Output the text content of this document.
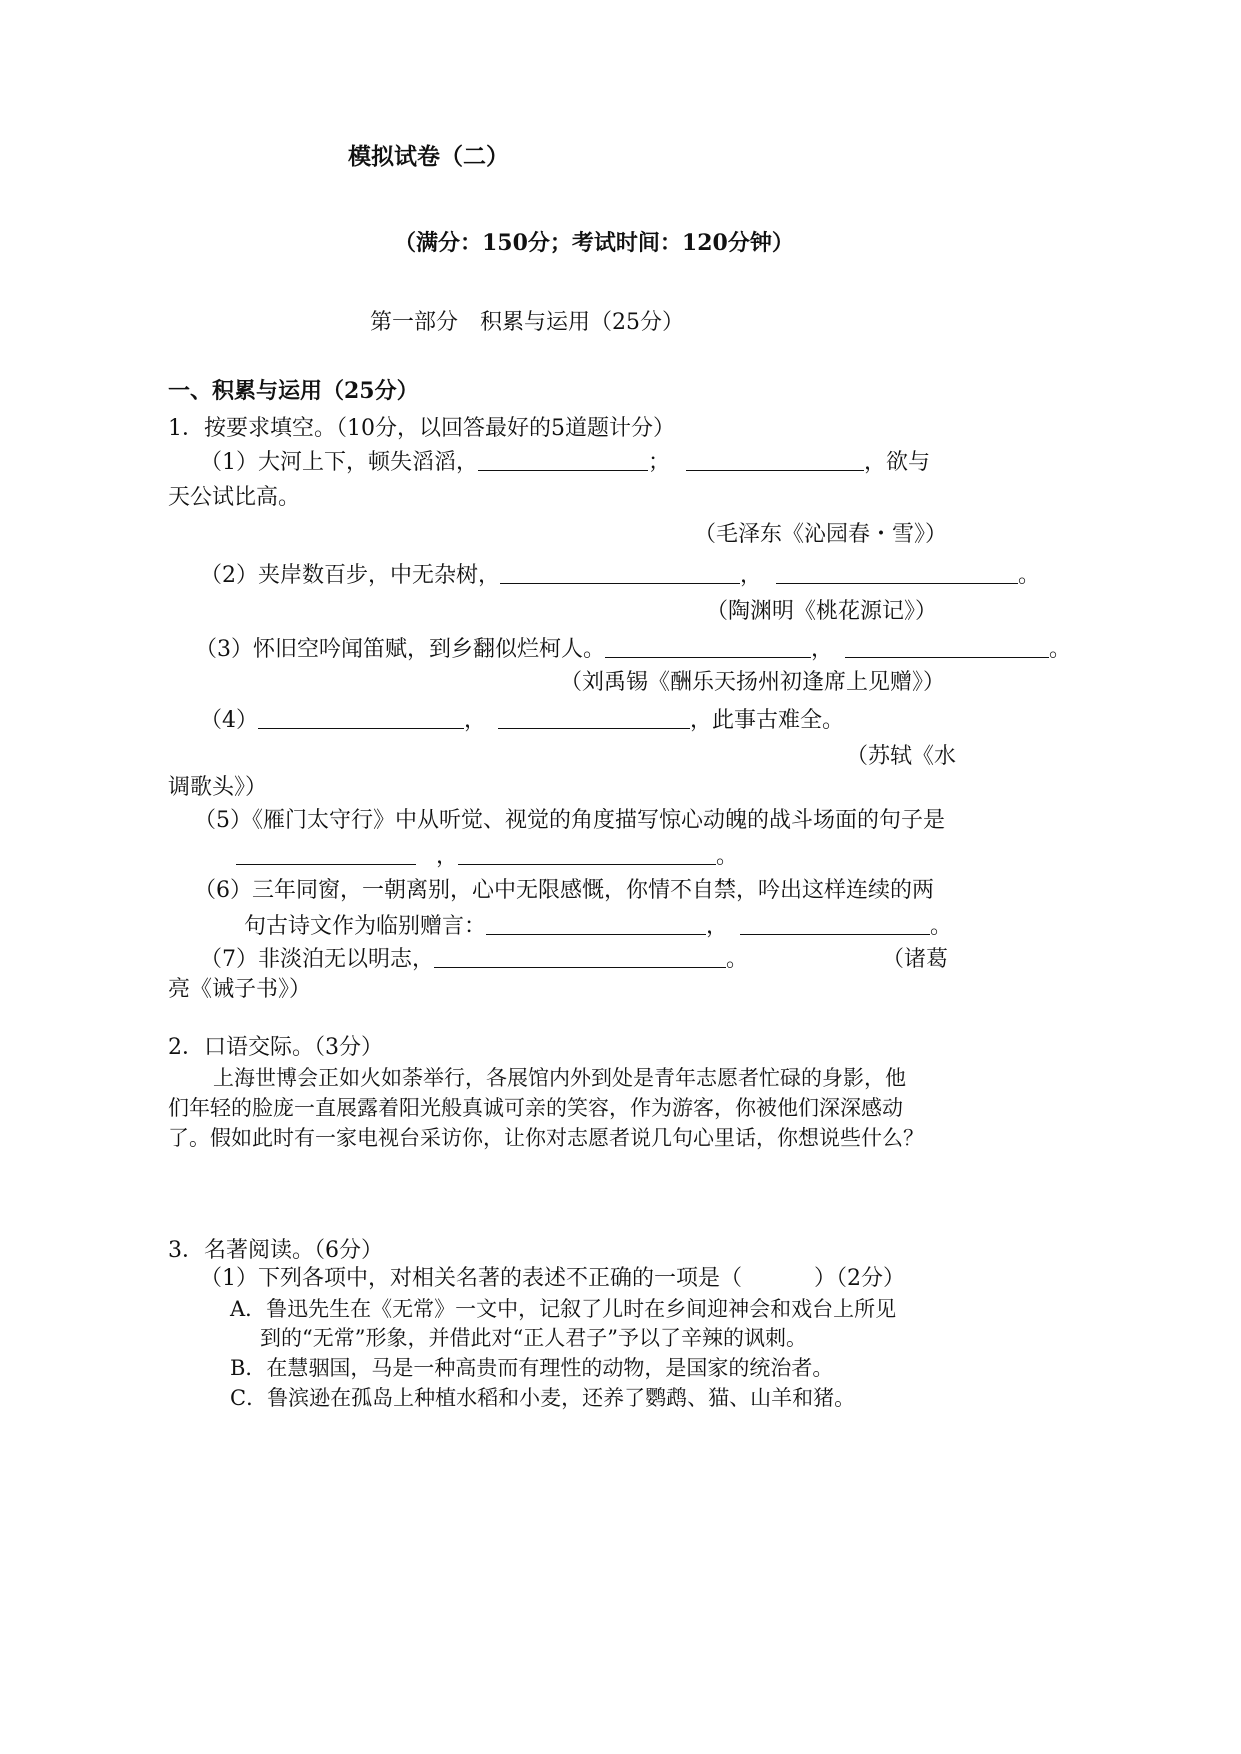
模拟试卷（二）
（满分：150分；考试时间：120分钟）
第一部分　积累与运用（25分）
一、积累与运用（25分）
1．按要求填空。（10分，以回答最好的5道题计分）
（1）大河上下，顿失滔滔，	；	，欲与
天公试比高。
（毛泽东《沁园春・雪》）
（2）夹岸数百步，中无杂树，	，	。
（陶渊明《桃花源记》）
（3）怀旧空吟闻笛赋，到乡翻似烂柯人。	，	。
（刘禹锡《酬乐天扬州初逢席上见赠》）
（4）	，	，此事古难全。
（苏轼《水
调歌头》）
（5）《雁门太守行》中从听觉、视觉的角度描写惊心动魄的战斗场面的句子是
，	。
（6）三年同窗，一朝离别，心中无限感慨，你情不自禁，吟出这样连续的两
句古诗文作为临别赠言：	，	。
（7）非淡泊无以明志，	。	（诸葛
亮《诫子书》）
2．口语交际。（3分）
上海世博会正如火如荼举行，各展馆内外到处是青年志愿者忙碌的身影，他
们年轻的脸庞一直展露着阳光般真诚可亲的笑容，作为游客，你被他们深深感动
了。假如此时有一家电视台采访你，让你对志愿者说几句心里话，你想说些什么？
3．名著阅读。（6分）
（1）下列各项中，对相关名著的表述不正确的一项是（	）（2分）
A．鲁迅先生在《无常》一文中，记叙了儿时在乡间迎神会和戏台上所见
到的“无常”形象，并借此对“正人君子”予以了辛辣的讽刺。
B．在慧骃国，马是一种高贵而有理性的动物，是国家的统治者。
C．鲁滨逊在孤岛上种植水稻和小麦，还养了鹦鹉、猫、山羊和猪。
